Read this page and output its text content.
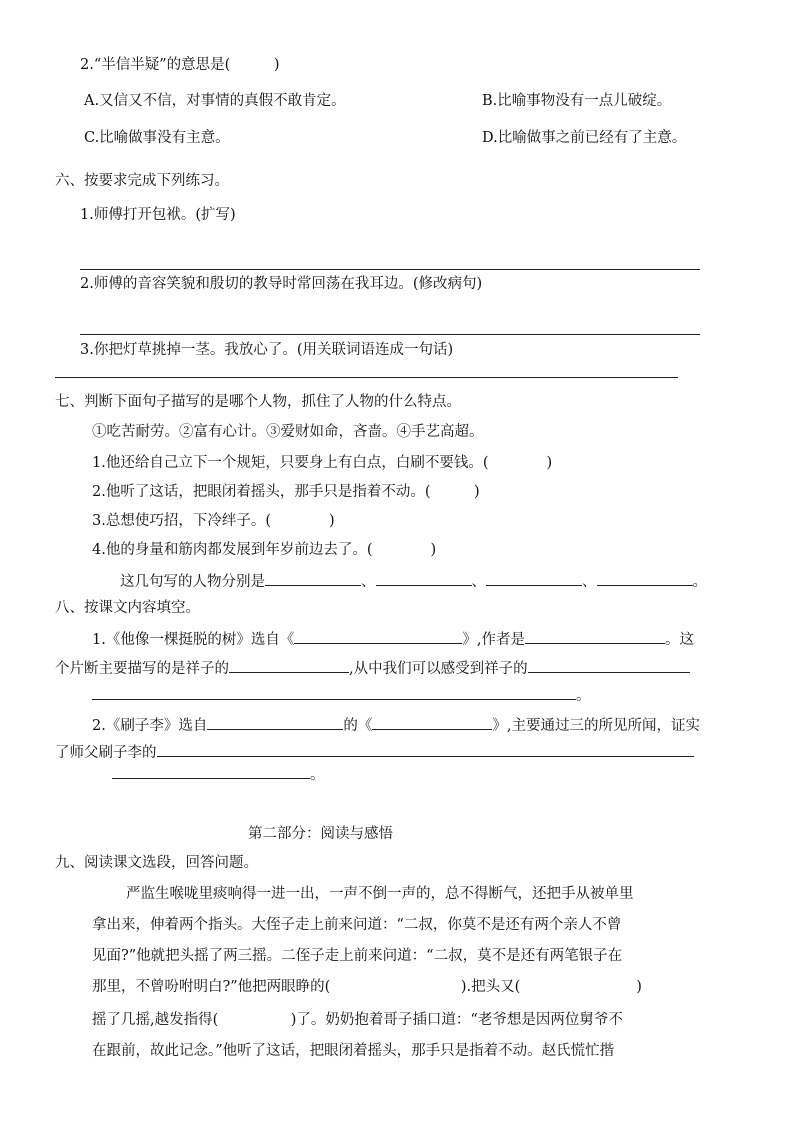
2.“半信半疑”的意思是(　　　)
A.又信又不信，对事情的真假不敢肯定。	B.比喻事物没有一点儿破绽。
C.比喻做事没有主意。	D.比喻做事之前已经有了主意。
六、按要求完成下列练习。
1.师傅打开包袱。(扩写)
2.师傅的音容笑貌和殷切的教导时常回荡在我耳边。(修改病句)
3.你把灯草挑掉一茎。我放心了。(用关联词语连成一句话)
七、判断下面句子描写的是哪个人物，抓住了人物的什么特点。
①吃苦耐劳。②富有心计。③爱财如命，吝啬。④手艺高超。
1.他还给自己立下一个规矩，只要身上有白点，白刷不要钱。(　　　　)
2.他听了这话，把眼闭着摇头，那手只是指着不动。(　　　)
3.总想使巧招，下冷绊子。(　　　　)
4.他的身量和筋肉都发展到年岁前边去了。(　　　　)
这几句写的人物分别是	、	、	、	。
八、按课文内容填空。
1.《他像一棵挺脱的树》选自《	》,作者是	。这
个片断主要描写的是祥子的	,从中我们可以感受到祥子的
。
2.《刷子李》选自	的《	》,主要通过三的所见所闻，证实
了师父刷子李的
。
第二部分：阅读与感悟
九、阅读课文选段，回答问题。
严监生喉咙里痰响得一进一出，一声不倒一声的，总不得断气，还把手从被单里
拿出来，伸着两个指头。大侄子走上前来问道：“二叔，你莫不是还有两个亲人不曾
见面?”他就把头摇了两三摇。二侄子走上前来问道：“二叔，莫不是还有两笔银子在
那里，不曾吩咐明白?”他把两眼睁的(　　　　　　　　　).把头又(　　　　　　　　)
摇了几摇,越发指得(　　　　　)了。奶奶抱着哥子插口道：“老爷想是因两位舅爷不
在跟前，故此记念。”他听了这话，把眼闭着摇头，那手只是指着不动。赵氏慌忙揩
